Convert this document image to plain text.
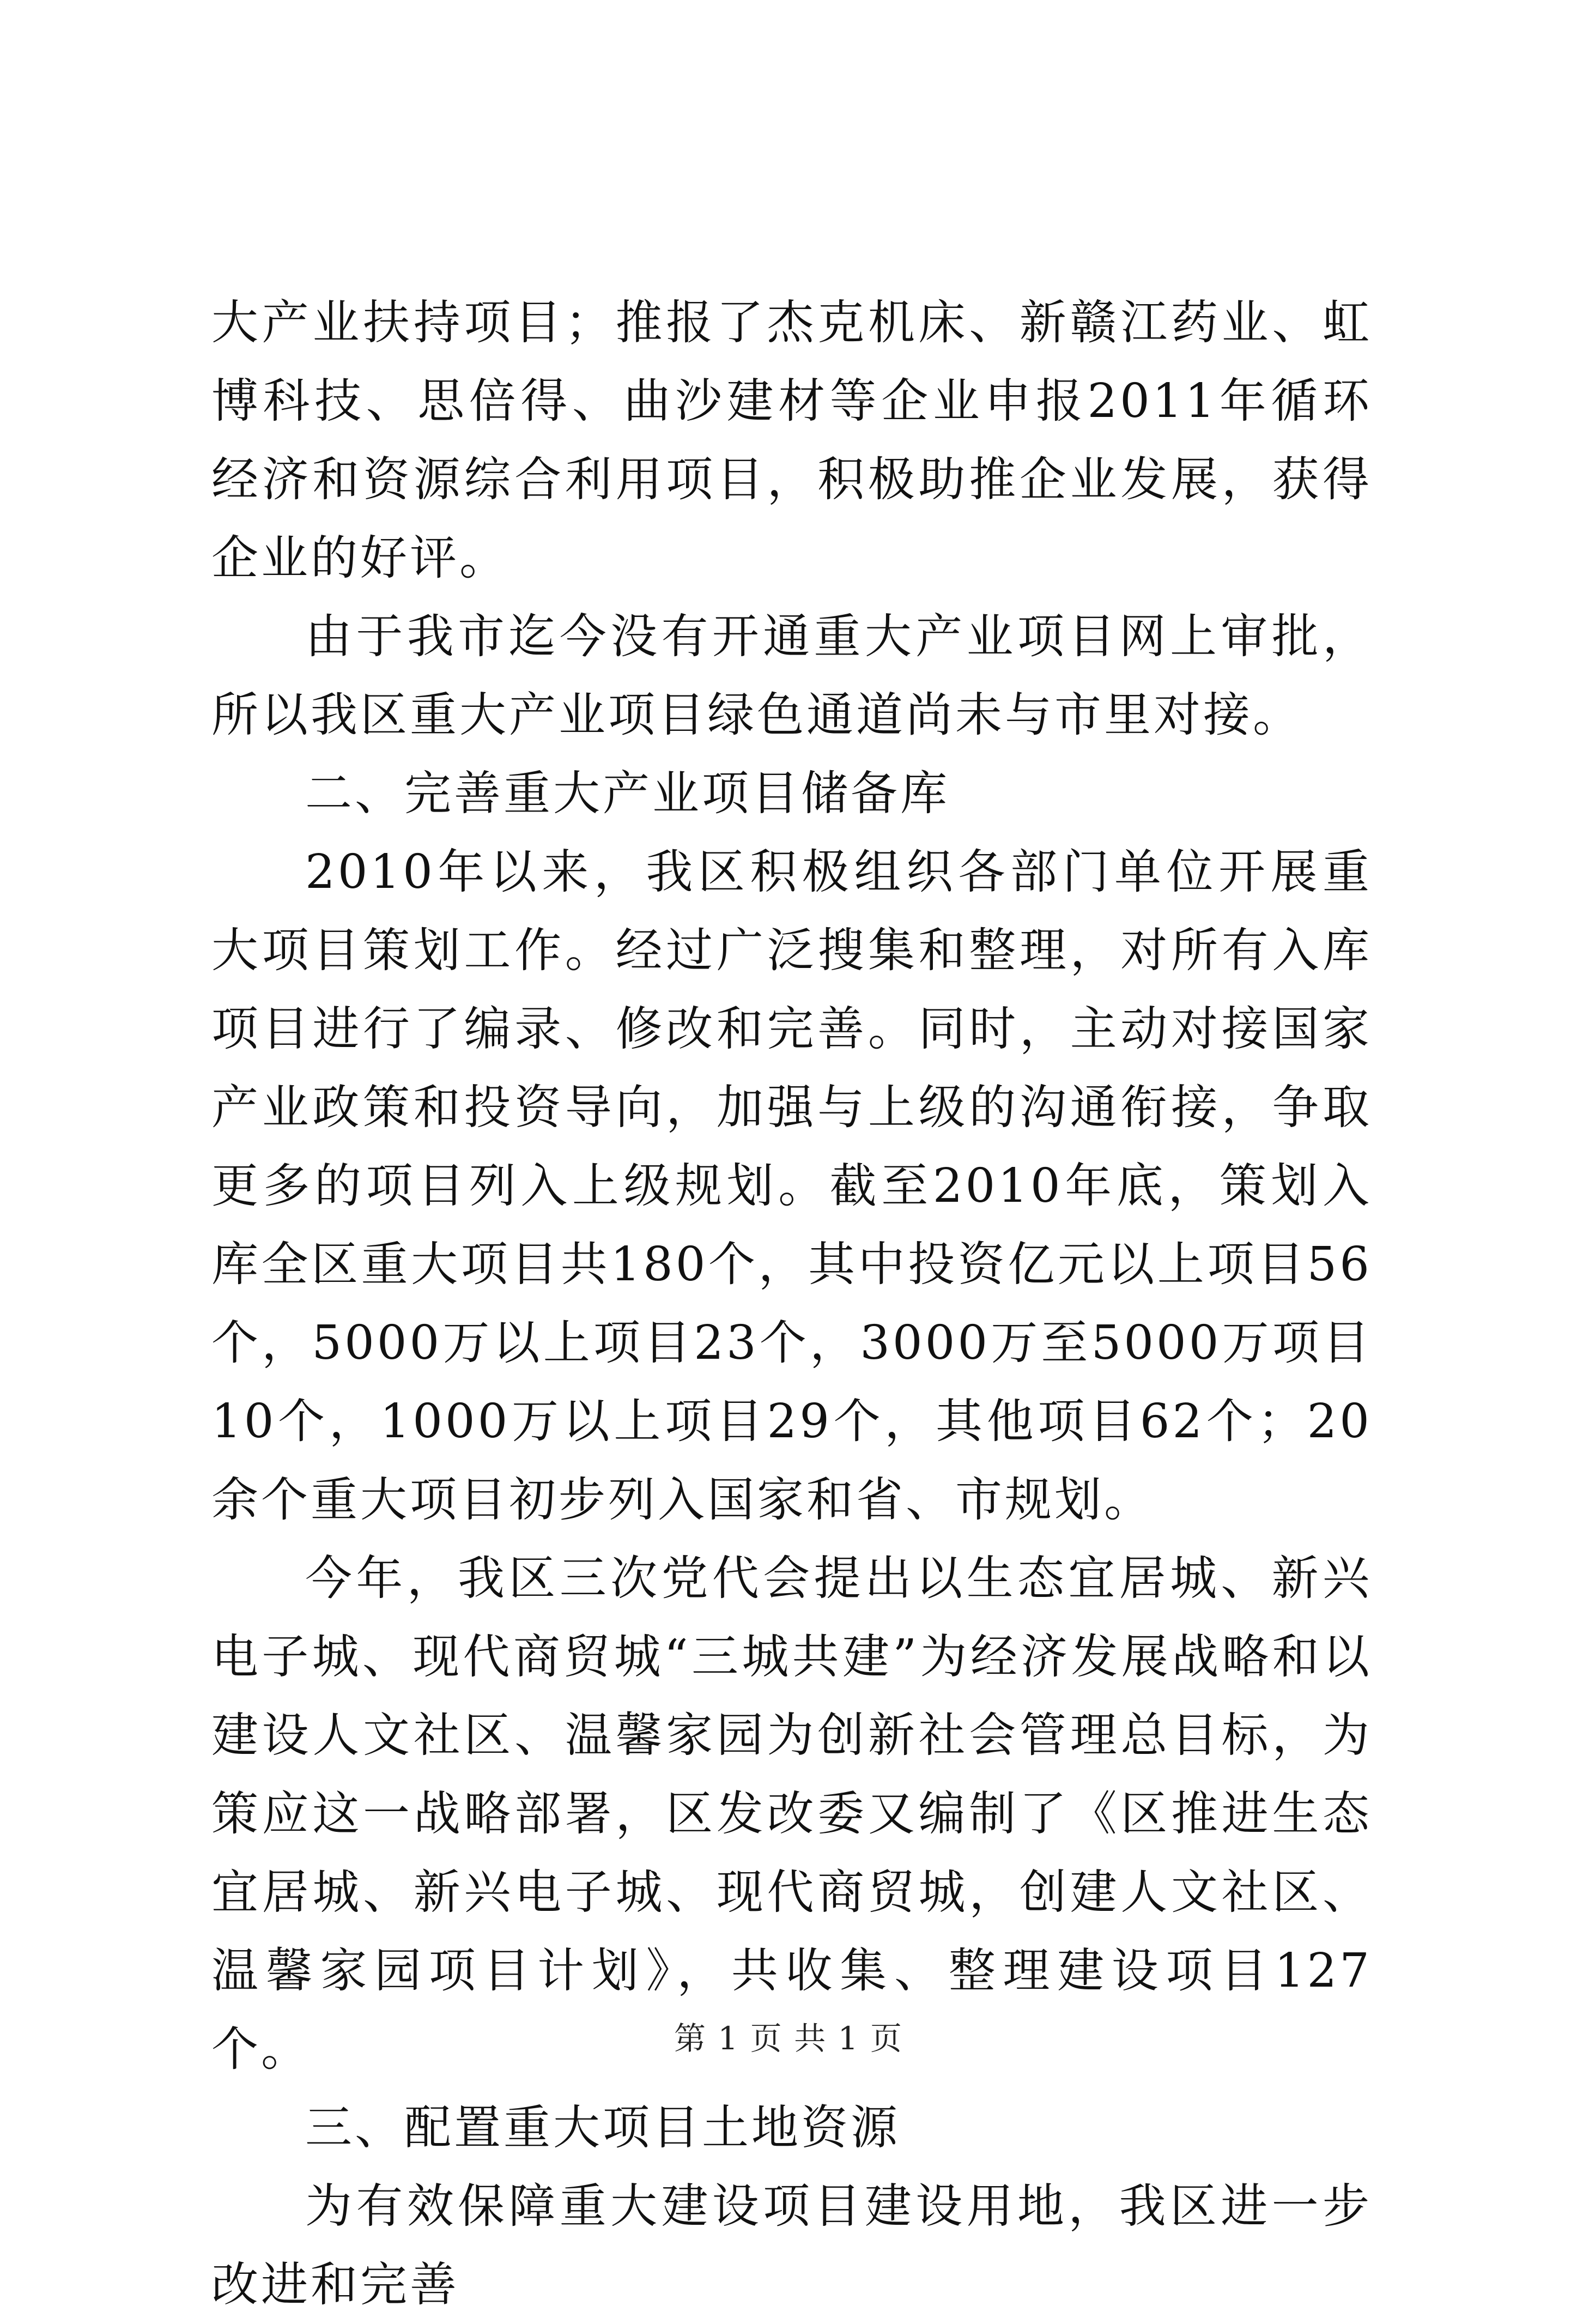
大产业扶持项目；推报了杰克机床、新赣江药业、虹博科技、思倍得、曲沙建材等企业申报2011年循环经济和资源综合利用项目，积极助推企业发展，获得企业的好评。

由于我市迄今没有开通重大产业项目网上审批，所以我区重大产业项目绿色通道尚未与市里对接。

二、完善重大产业项目储备库

2010年以来，我区积极组织各部门单位开展重大项目策划工作。经过广泛搜集和整理，对所有入库项目进行了编录、修改和完善。同时，主动对接国家产业政策和投资导向，加强与上级的沟通衔接，争取更多的项目列入上级规划。截至2010年底，策划入库全区重大项目共180个，其中投资亿元以上项目56个，5000万以上项目23个，3000万至5000万项目10个，1000万以上项目29个，其他项目62个；20余个重大项目初步列入国家和省、市规划。

今年，我区三次党代会提出以生态宜居城、新兴电子城、现代商贸城“三城共建”为经济发展战略和以建设人文社区、温馨家园为创新社会管理总目标，为策应这一战略部署，区发改委又编制了《区推进生态宜居城、新兴电子城、现代商贸城，创建人文社区、温馨家园项目计划》，共收集、整理建设项目127个。

三、配置重大项目土地资源

为有效保障重大建设项目建设用地，我区进一步改进和完善

第 1 页 共 1 页
